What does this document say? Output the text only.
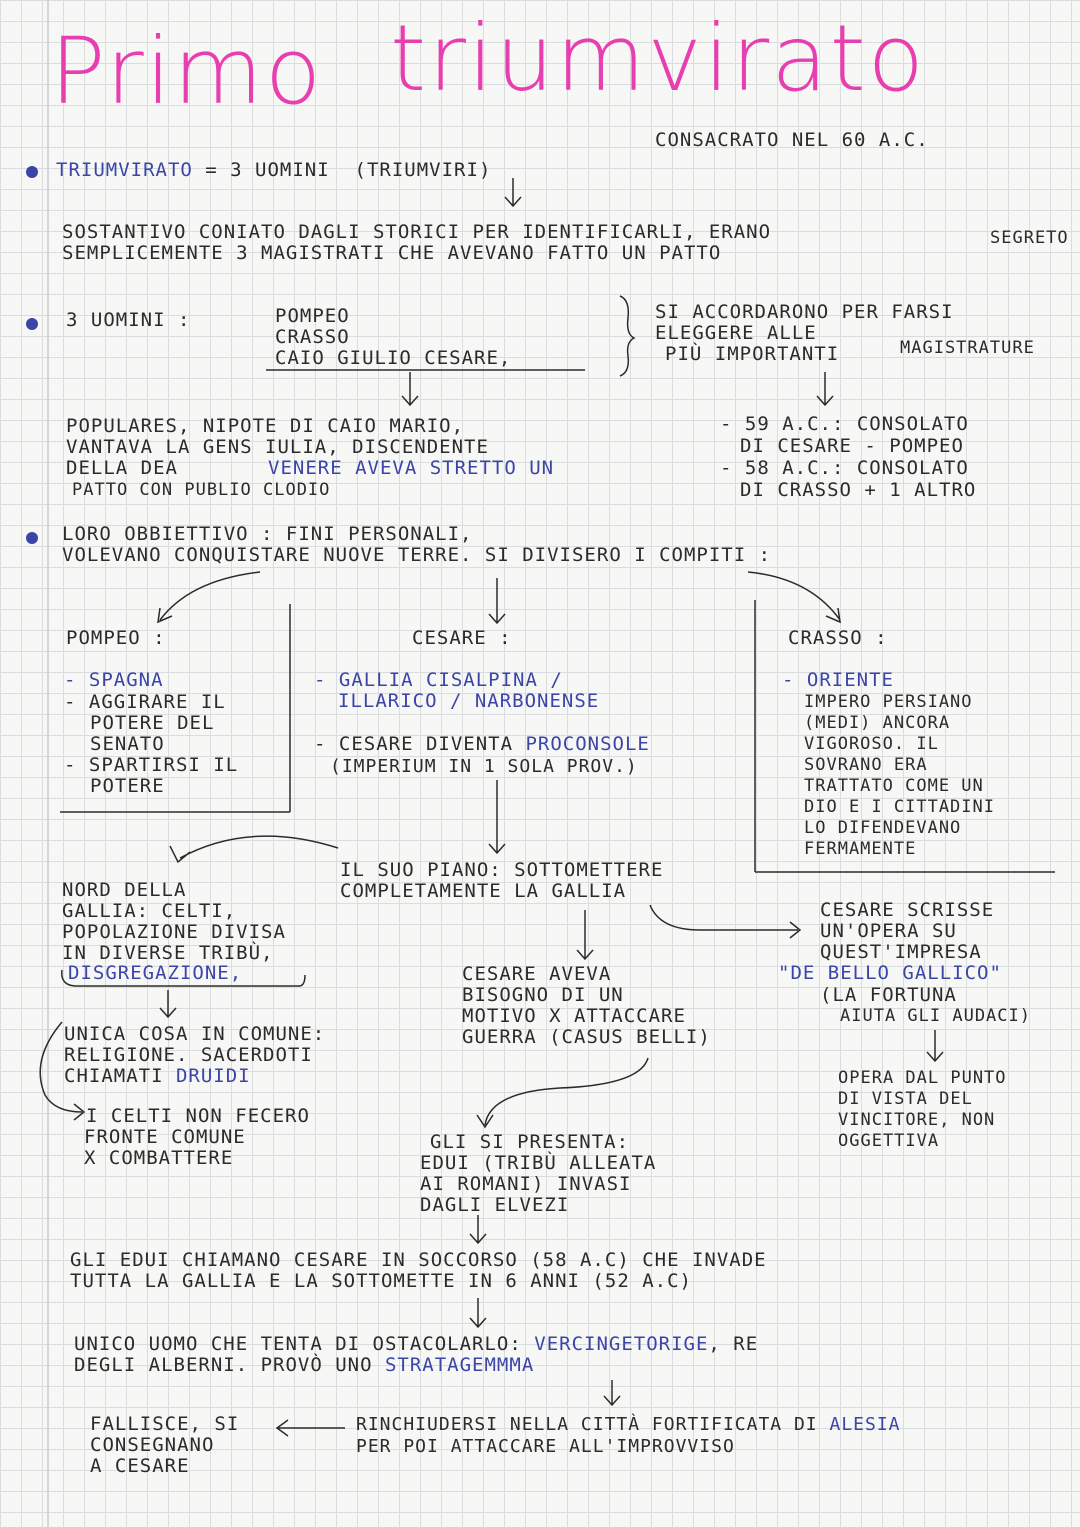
Primo triumvirato
CONSACRATO NEL 60 A.C.
TRIUMVIRATO = 3 UOMINI  (TRIUMVIRI)
SOSTANTIVO CONIATO DAGLI STORICI PER IDENTIFICARLI, ERANO	SEGRETO
SEMPLICEMENTE 3 MAGISTRATI CHE AVEVANO FATTO UN PATTO
3 UOMINI :	POMPEO
CRASSO
CAIO GIULIO CESARE,
SI ACCORDARONO PER FARSI
ELEGGERE ALLE
MAGISTRATURE
PIÙ IMPORTANTI
POPULARES, NIPOTE DI CAIO MARIO,
VANTAVA LA GENS IULIA, DISCENDENTE
DELLA DEA	VENERE AVEVA STRETTO UN
PATTO CON PUBLIO CLODIO
- 59 A.C.: CONSOLATO
DI CESARE - POMPEO
- 58 A.C.: CONSOLATO
DI CRASSO + 1 ALTRO
LORO OBBIETTIVO : FINI PERSONALI,
VOLEVANO CONQUISTARE NUOVE TERRE. SI DIVISERO I COMPITI :
POMPEO :
- SPAGNA
- AGGIRARE IL
POTERE DEL
SENATO
- SPARTIRSI IL
POTERE
CESARE :
- GALLIA CISALPINA /
ILLARICO / NARBONENSE
- CESARE DIVENTA PROCONSOLE
(IMPERIUM IN 1 SOLA PROV.)
CRASSO :
- ORIENTE
IMPERO PERSIANO
(MEDI) ANCORA
VIGOROSO. IL
SOVRANO ERA
TRATTATO COME UN
DIO E I CITTADINI
LO DIFENDEVANO
FERMAMENTE
IL SUO PIANO: SOTTOMETTERE
COMPLETAMENTE LA GALLIA
NORD DELLA
GALLIA: CELTI,
POPOLAZIONE DIVISA
IN DIVERSE TRIBÙ,
DISGREGAZIONE,
UNICA COSA IN COMUNE:
RELIGIONE. SACERDOTI
CHIAMATI DRUIDI
I CELTI NON FECERO
FRONTE COMUNE
X COMBATTERE
CESARE AVEVA
BISOGNO DI UN
MOTIVO X ATTACCARE
GUERRA (CASUS BELLI)
CESARE SCRISSE
UN'OPERA SU
QUEST'IMPRESA
"DE BELLO GALLICO"
(LA FORTUNA
AIUTA GLI AUDACI)
OPERA DAL PUNTO
DI VISTA DEL
VINCITORE, NON
OGGETTIVA
GLI SI PRESENTA:
EDUI (TRIBÙ ALLEATA
AI ROMANI) INVASI
DAGLI ELVEZI
GLI EDUI CHIAMANO CESARE IN SOCCORSO (58 A.C) CHE INVADE
TUTTA LA GALLIA E LA SOTTOMETTE IN 6 ANNI (52 A.C)
UNICO UOMO CHE TENTA DI OSTACOLARLO: VERCINGETORIGE, RE
DEGLI ALBERNI. PROVÒ UNO STRATAGEMMMA
FALLISCE, SI
CONSEGNANO
A CESARE
RINCHIUDERSI NELLA CITTÀ FORTIFICATA DI ALESIA
PER POI ATTACCARE ALL'IMPROVVISO
